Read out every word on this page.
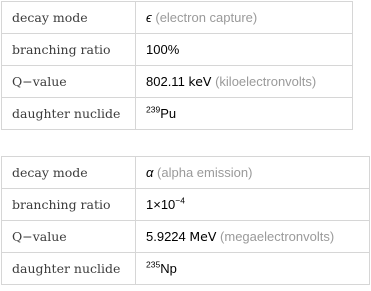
decay mode	ϵ (electron capture)
branching ratio	100%
Q−value	802.11 keV (kiloelectronvolts)
daughter nuclide	$^{239}$Pu
decay mode	α (alpha emission)
branching ratio	$1\times 10^{-4}$
Q−value	5.9224 MeV (megaelectronvolts)
daughter nuclide	$^{235}$Np
